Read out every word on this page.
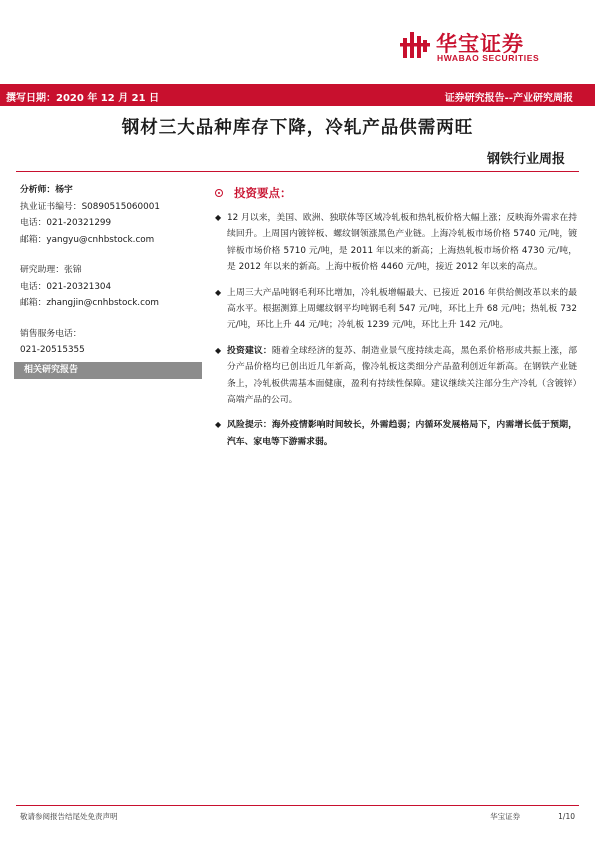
华宝证券
HWABAO SECURITIES
撰写日期：2020 年 12 月 21 日	证券研究报告--产业研究周报
钢材三大品种库存下降，冷轧产品供需两旺
钢铁行业周报
分析师：杨宇
执业证书编号：S0890515060001
电话：021-20321299
邮箱：yangyu@cnhbstock.com
研究助理：张锦
电话：021-20321304
邮箱：zhangjin@cnhbstock.com
销售服务电话：
021-20515355
相关研究报告
投资要点：
◆ 12 月以来，美国、欧洲、独联体等区域冷轧板和热轧板价格大幅上涨；反映海外需求在持续回升。上周国内镀锌板、螺纹钢领涨黑色产业链。上海冷轧板市场价格 5740 元/吨，镀锌板市场价格 5710 元/吨，是 2011 年以来的新高；上海热轧板市场价格 4730 元/吨，是 2012 年以来的新高。上海中板价格 4460 元/吨，接近 2012 年以来的高点。
◆ 上周三大产品吨钢毛利环比增加，冷轧板增幅最大、已接近 2016 年供给侧改革以来的最高水平。根据测算上周螺纹钢平均吨钢毛利 547 元/吨，环比上升 68 元/吨；热轧板 732 元/吨，环比上升 44 元/吨；冷轧板 1239 元/吨，环比上升 142 元/吨。
◆ 投资建议：随着全球经济的复苏、制造业景气度持续走高，黑色系价格形成共振上涨，部分产品价格均已创出近几年新高，像冷轧板这类细分产品盈利创近年新高。在钢铁产业链条上，冷轧板供需基本面健康，盈利有持续性保障。建议继续关注部分生产冷轧（含镀锌）高端产品的公司。
◆ 风险提示：海外疫情影响时间较长，外需趋弱；内循环发展格局下，内需增长低于预期，汽车、家电等下游需求弱。
敬请参阅报告结尾处免责声明	华宝证券	1/10
